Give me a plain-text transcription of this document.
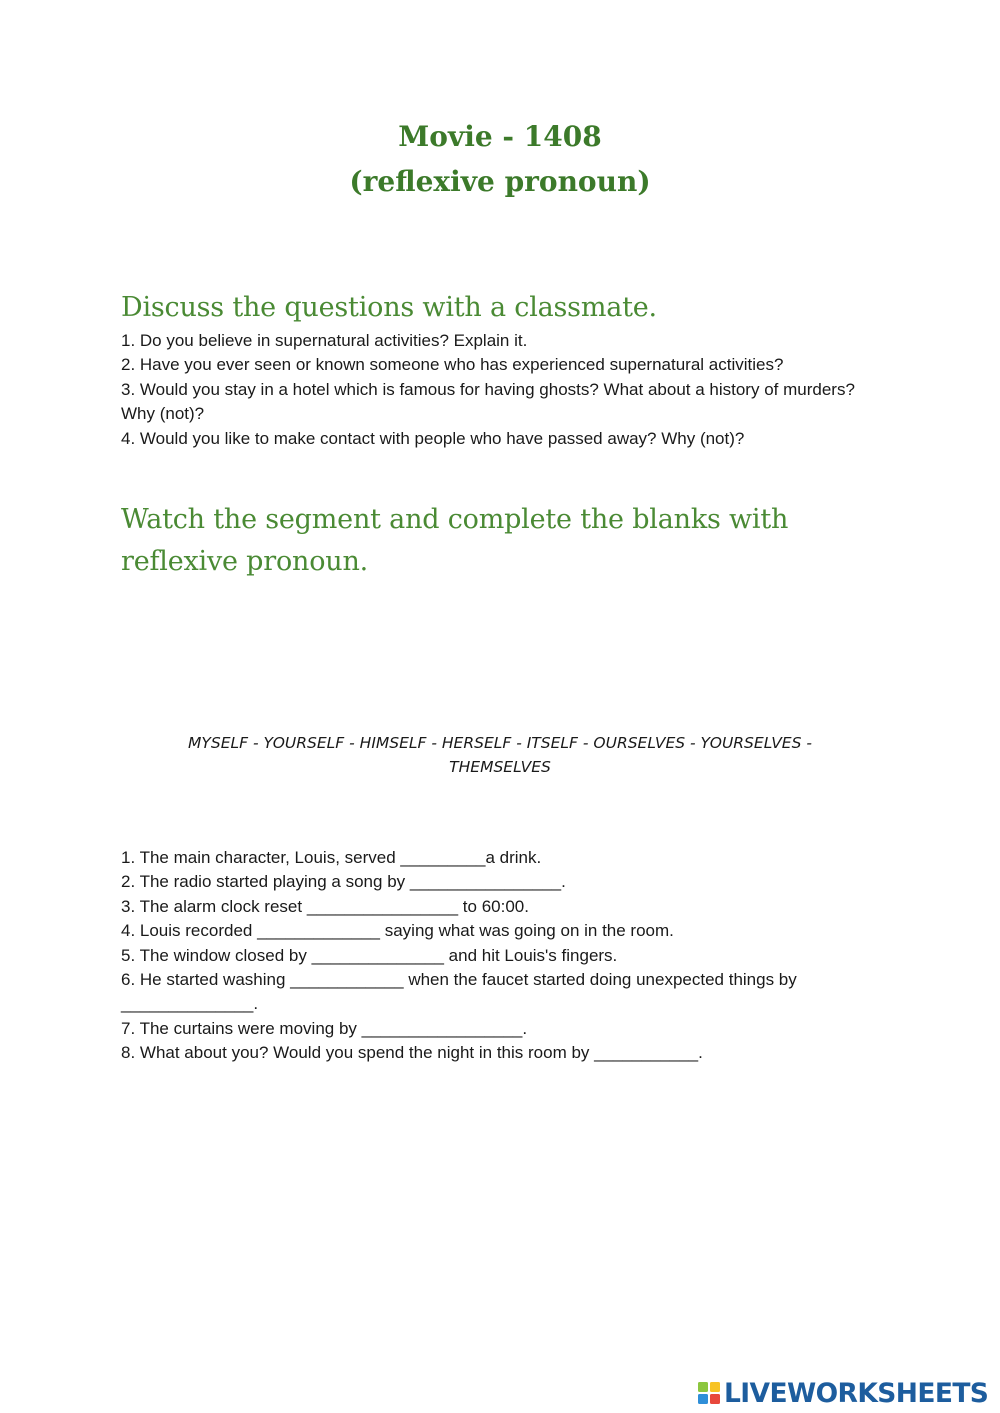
Movie - 1408
(reflexive pronoun)
Discuss the questions with a classmate.

1. Do you believe in supernatural activities? Explain it.

2. Have you ever seen or known someone who has experienced supernatural activities?

3. Would you stay in a hotel which is famous for having ghosts? What about a history of murders? Why (not)?

4. Would you like to make contact with people who have passed away? Why (not)?

Watch the segment and complete the blanks with reflexive pronoun.
MYSELF - YOURSELF - HIMSELF - HERSELF - ITSELF - OURSELVES - YOURSELVES - THEMSELVES

1. The main character, Louis, served _________a drink.

2. The radio started playing a song by ________________.

3. The alarm clock reset ________________ to 60:00.

4. Louis recorded _____________ saying what was going on in the room.

5. The window closed by ______________ and hit Louis's fingers.

6. He started washing ____________ when the faucet started doing unexpected things by ______________.

7. The curtains were moving by _________________.

8. What about you? Would you spend the night in this room by ___________.

LIVEWORKSHEETS
